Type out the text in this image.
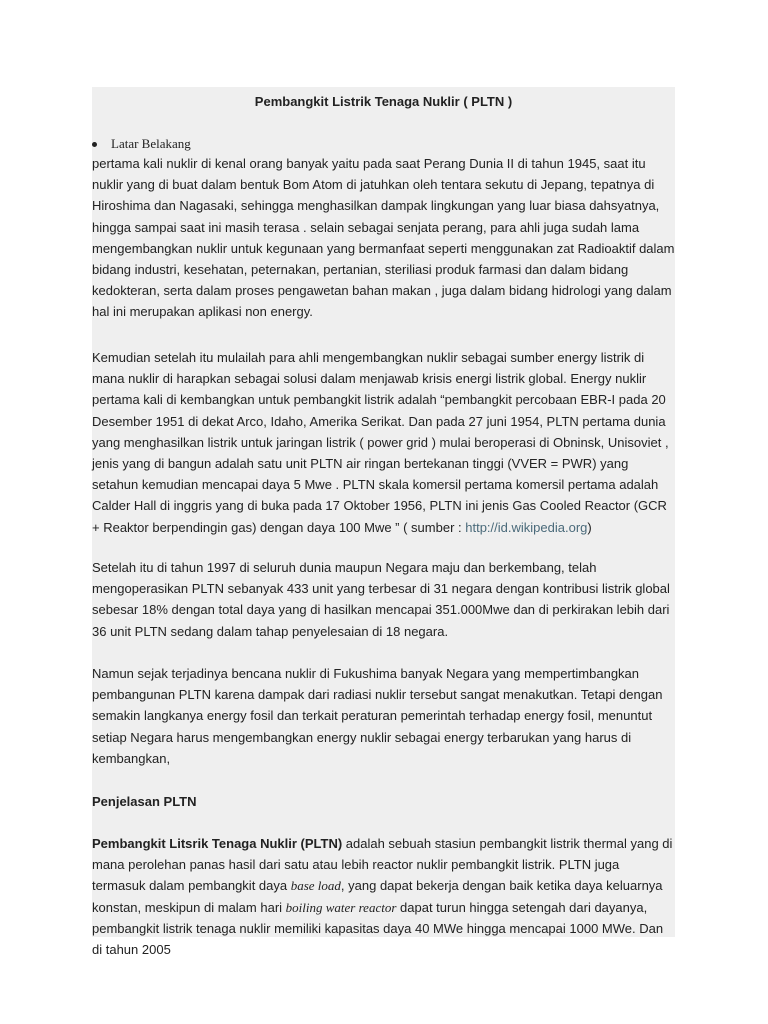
Pembangkit Listrik Tenaga Nuklir ( PLTN )
Latar Belakang

pertama kali nuklir di kenal orang banyak yaitu pada saat Perang Dunia II di tahun 1945, saat itu nuklir yang di buat dalam bentuk Bom Atom di jatuhkan oleh tentara sekutu di Jepang, tepatnya di Hiroshima dan Nagasaki, sehingga menghasilkan dampak lingkungan yang luar biasa dahsyatnya, hingga sampai saat ini masih terasa . selain sebagai senjata perang, para ahli juga sudah lama mengembangkan nuklir untuk kegunaan yang bermanfaat seperti menggunakan zat Radioaktif dalam bidang industri, kesehatan, peternakan, pertanian, steriliasi produk farmasi dan dalam bidang kedokteran, serta dalam proses pengawetan bahan makan , juga dalam bidang hidrologi yang dalam hal ini merupakan aplikasi non energy.

Kemudian setelah itu mulailah para ahli mengembangkan nuklir sebagai sumber energy listrik di mana nuklir di harapkan sebagai solusi dalam menjawab krisis energi listrik global. Energy nuklir pertama kali di kembangkan untuk pembangkit listrik adalah “pembangkit percobaan EBR-I pada 20 Desember 1951 di dekat Arco, Idaho, Amerika Serikat. Dan pada 27 juni 1954, PLTN pertama dunia yang menghasilkan listrik untuk jaringan listrik ( power grid ) mulai beroperasi di Obninsk, Unisoviet , jenis yang di bangun adalah satu unit PLTN air ringan bertekanan tinggi (VVER = PWR) yang setahun kemudian mencapai daya 5 Mwe . PLTN skala komersil pertama komersil pertama adalah Calder Hall di inggris yang di buka pada 17 Oktober 1956, PLTN ini jenis Gas Cooled Reactor (GCR + Reaktor berpendingin gas) dengan daya 100 Mwe ” ( sumber : http://id.wikipedia.org)

Setelah itu di tahun 1997 di seluruh dunia maupun Negara maju dan berkembang, telah mengoperasikan PLTN sebanyak 433 unit yang terbesar di 31 negara dengan kontribusi listrik global sebesar 18% dengan total daya yang di hasilkan mencapai 351.000Mwe dan di perkirakan lebih dari 36 unit PLTN sedang dalam tahap penyelesaian di 18 negara.

Namun sejak terjadinya bencana nuklir di Fukushima banyak Negara yang mempertimbangkan pembangunan PLTN karena dampak dari radiasi nuklir tersebut sangat menakutkan. Tetapi dengan semakin langkanya energy fosil dan terkait peraturan pemerintah terhadap energy fosil, menuntut setiap Negara harus mengembangkan energy nuklir sebagai energy terbarukan yang harus di kembangkan,

Penjelasan PLTN

Pembangkit Litsrik Tenaga Nuklir (PLTN) adalah sebuah stasiun pembangkit listrik thermal yang di mana perolehan panas hasil dari satu atau lebih reactor nuklir pembangkit listrik. PLTN juga termasuk dalam pembangkit daya base load, yang dapat bekerja dengan baik ketika daya keluarnya konstan, meskipun di malam hari boiling water reactor dapat turun hingga setengah dari dayanya, pembangkit listrik tenaga nuklir memiliki kapasitas daya 40 MWe hingga mencapai 1000 MWe. Dan di tahun 2005
